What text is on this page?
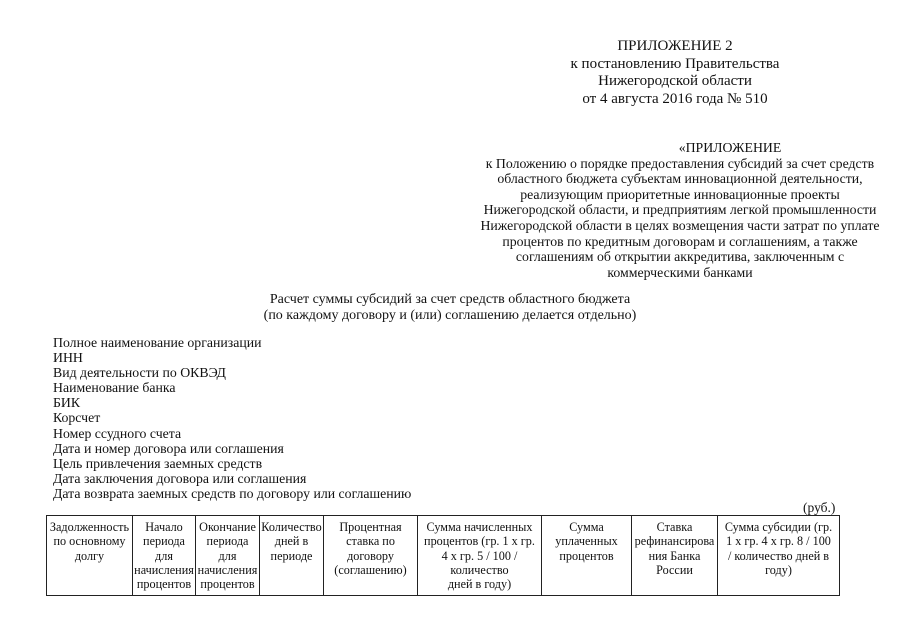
ПРИЛОЖЕНИЕ 2
к постановлению Правительства
Нижегородской области
от 4 августа 2016 года № 510
«ПРИЛОЖЕНИЕ
к Положению о порядке предоставления субсидий за счет средств
областного бюджета субъектам инновационной деятельности,
реализующим приоритетные инновационные проекты
Нижегородской области, и предприятиям легкой промышленности
Нижегородской области в целях возмещения части затрат по уплате
процентов по кредитным договорам и соглашениям, а также
соглашениям об открытии аккредитива, заключенным с
коммерческими банками
Расчет суммы субсидий за счет средств областного бюджета
(по каждому договору и (или) соглашению делается отдельно)
Полное наименование организации
ИНН
Вид деятельности по ОКВЭД
Наименование банка
БИК
Корсчет
Номер ссудного счета
Дата и номер договора или соглашения
Цель привлечения заемных средств
Дата заключения договора или соглашения
Дата возврата заемных средств по договору или соглашению
(руб.)
Задолженность
по основному
долгу

Начало
периода для
начисления
процентов

Окончание
периода для
начисления
процентов

Количество
дней в
периоде

Процентная
ставка по
договору
(соглашению)

Сумма начисленных
процентов (гр. 1 х гр.
4 х гр. 5 / 100 /
количество
дней в году)

Сумма
уплаченных
процентов

Ставка
рефинансирова
ния Банка
России

Сумма субсидии (гр.
1 х гр. 4 х гр. 8 / 100
/ количество дней в
году)
